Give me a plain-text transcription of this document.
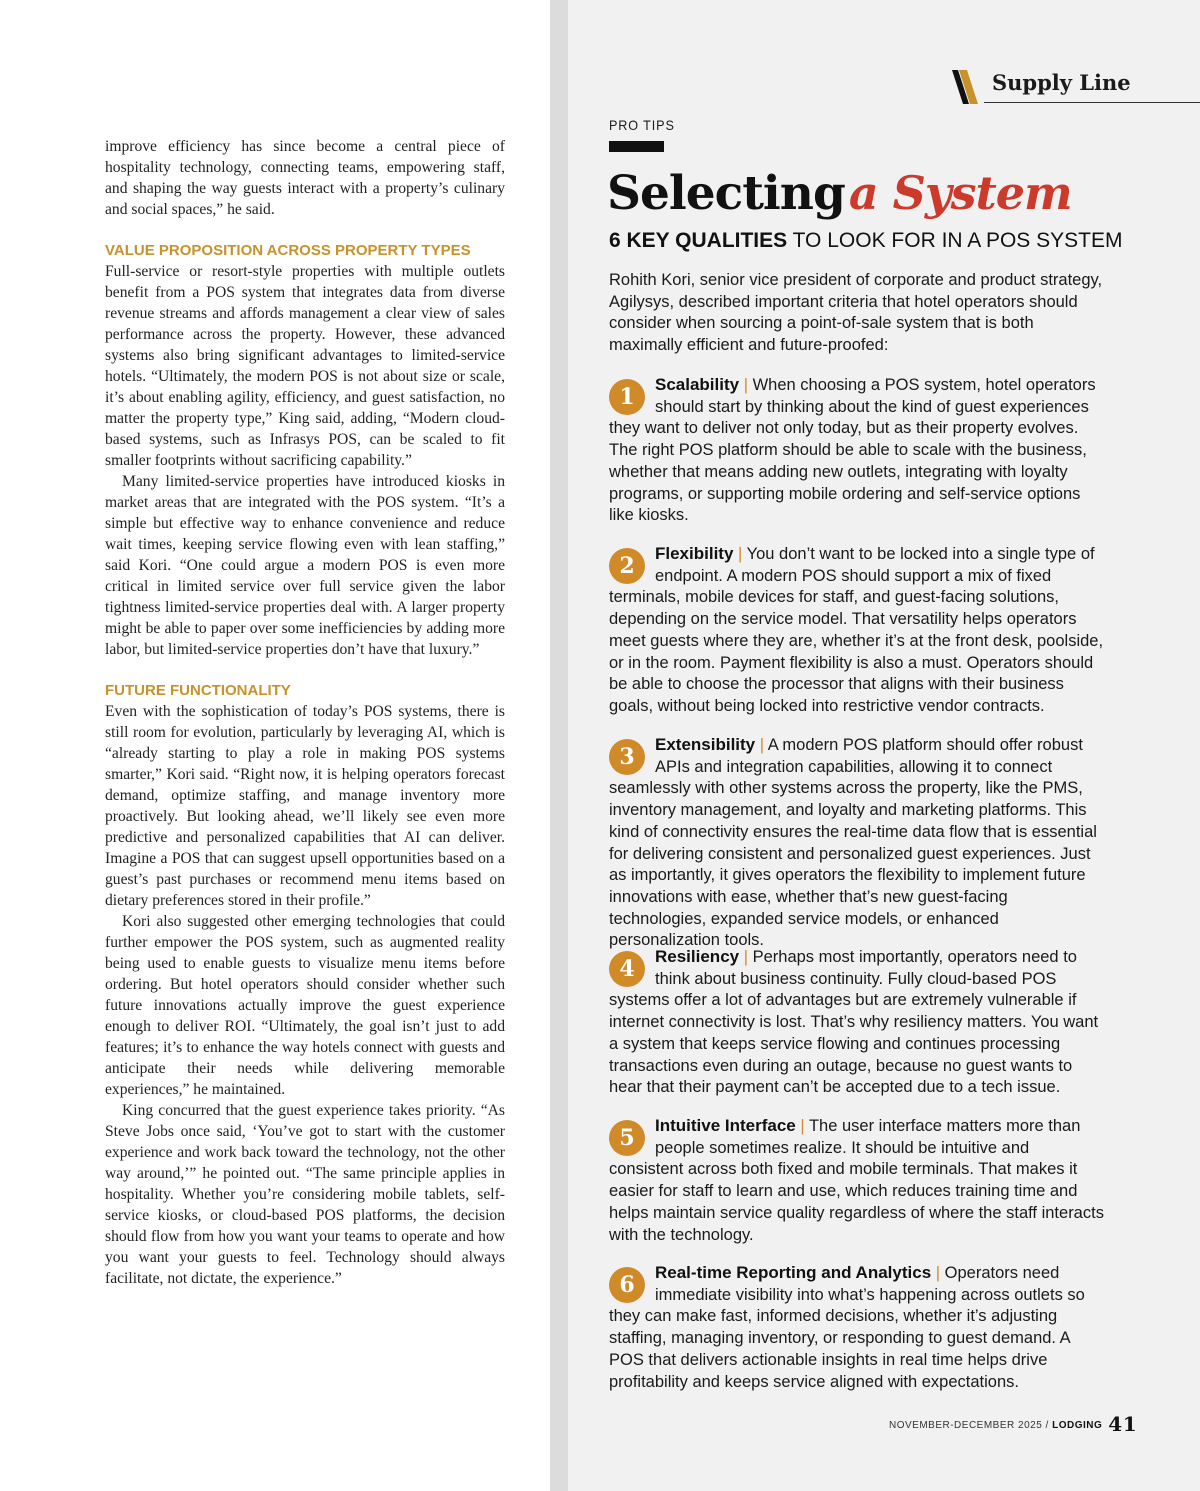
improve efficiency has since become a central piece of hospitality technology, connecting teams, empowering staff, and shaping the way guests interact with a property’s culinary and social spaces,” he said.

VALUE PROPOSITION ACROSS PROPERTY TYPES

Full-service or resort-style properties with multiple outlets benefit from a POS system that integrates data from diverse revenue streams and affords management a clear view of sales performance across the property. However, these advanced systems also bring significant advantages to limited-service hotels. “Ultimately, the modern POS is not about size or scale, it’s about enabling agility, efficiency, and guest satisfaction, no matter the property type,” King said, adding, “Modern cloud-based systems, such as Infrasys POS, can be scaled to fit smaller footprints without sacrificing capability.”

Many limited-service properties have introduced kiosks in market areas that are integrated with the POS system. “It’s a simple but effective way to enhance convenience and reduce wait times, keeping service flowing even with lean staffing,” said Kori. “One could argue a modern POS is even more critical in limited service over full service given the labor tightness limited-service properties deal with. A larger property might be able to paper over some inefficiencies by adding more labor, but limited-service properties don’t have that luxury.”

FUTURE FUNCTIONALITY

Even with the sophistication of today’s POS systems, there is still room for evolution, particularly by leveraging AI, which is “already starting to play a role in making POS systems smarter,” Kori said. “Right now, it is helping operators forecast demand, optimize staffing, and manage inventory more proactively. But looking ahead, we’ll likely see even more predictive and personalized capabilities that AI can deliver. Imagine a POS that can suggest upsell opportunities based on a guest’s past purchases or recommend menu items based on dietary preferences stored in their profile.”

Kori also suggested other emerging technologies that could further empower the POS system, such as augmented reality being used to enable guests to visualize menu items before ordering. But hotel operators should consider whether such future innovations actually improve the guest experience enough to deliver ROI. “Ultimately, the goal isn’t just to add features; it’s to enhance the way hotels connect with guests and anticipate their needs while delivering memorable experiences,” he maintained.

King concurred that the guest experience takes priority. “As Steve Jobs once said, ‘You’ve got to start with the customer experience and work back toward the technology, not the other way around,’” he pointed out. “The same principle applies in hospitality. Whether you’re considering mobile tablets, self-service kiosks, or cloud-based POS platforms, the decision should flow from how you want your teams to operate and how you want your guests to feel. Technology should always facilitate, not dictate, the experience.”

Supply Line
PRO TIPS
Selecting a System
6 KEY QUALITIES TO LOOK FOR IN A POS SYSTEM

Rohith Kori, senior vice president of corporate and product strategy, Agilysys, described important criteria that hotel operators should consider when sourcing a point-of-sale system that is both maximally efficient and future-proofed:

1	Scalability | When choosing a POS system, hotel operators should start by thinking about the kind of guest experiences they want to deliver not only today, but as their property evolves. The right POS platform should be able to scale with the business, whether that means adding new outlets, integrating with loyalty programs, or supporting mobile ordering and self-service options like kiosks.
2	Flexibility | You don’t want to be locked into a single type of endpoint. A modern POS should support a mix of fixed terminals, mobile devices for staff, and guest-facing solutions, depending on the service model. That versatility helps operators meet guests where they are, whether it’s at the front desk, poolside, or in the room. Payment flexibility is also a must. Operators should be able to choose the processor that aligns with their business goals, without being locked into restrictive vendor contracts.
3	Extensibility | A modern POS platform should offer robust APIs and integration capabilities, allowing it to connect seamlessly with other systems across the property, like the PMS, inventory management, and loyalty and marketing platforms. This kind of connectivity ensures the real-time data flow that is essential for delivering consistent and personalized guest experiences. Just as importantly, it gives operators the flexibility to implement future innovations with ease, whether that’s new guest-facing technologies, expanded service models, or enhanced personalization tools.
4	Resiliency | Perhaps most importantly, operators need to think about business continuity. Fully cloud-based POS systems offer a lot of advantages but are extremely vulnerable if internet connectivity is lost. That’s why resiliency matters. You want a system that keeps service flowing and continues processing transactions even during an outage, because no guest wants to hear that their payment can’t be accepted due to a tech issue.
5	Intuitive Interface | The user interface matters more than people sometimes realize. It should be intuitive and consistent across both fixed and mobile terminals. That makes it easier for staff to learn and use, which reduces training time and helps maintain service quality regardless of where the staff interacts with the technology.
6	Real-time Reporting and Analytics | Operators need immediate visibility into what’s happening across outlets so they can make fast, informed decisions, whether it’s adjusting staffing, managing inventory, or responding to guest demand. A POS that delivers actionable insights in real time helps drive profitability and keeps service aligned with expectations.
NOVEMBER-DECEMBER 2025 / LODGING 41
